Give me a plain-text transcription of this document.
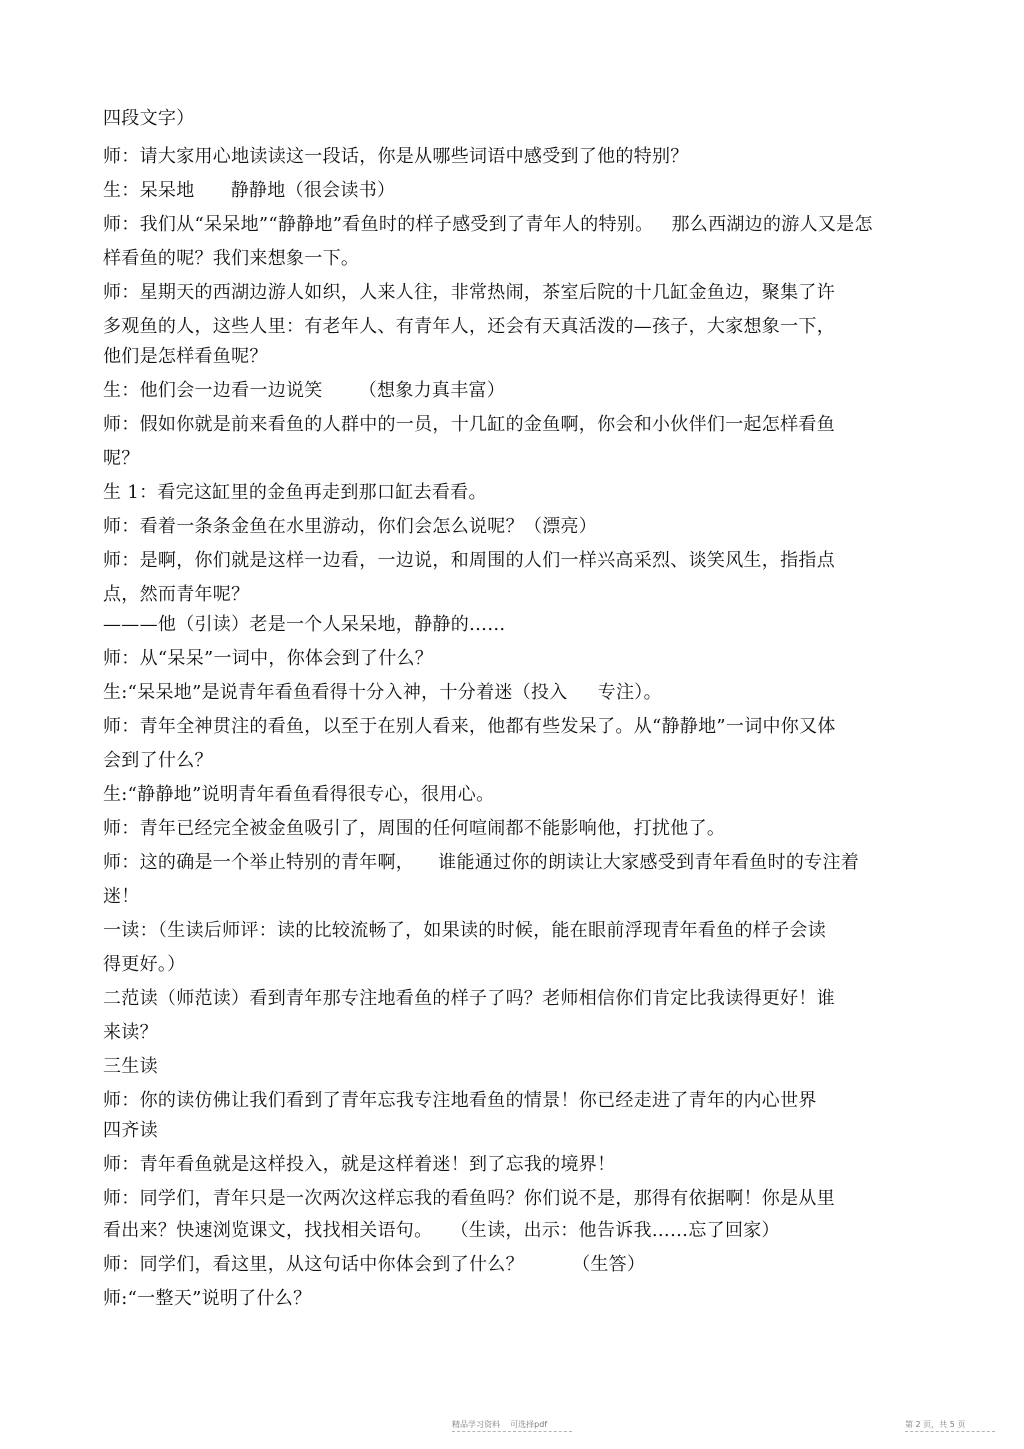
四段文字）

师：请大家用心地读读这一段话，你是从哪些词语中感受到了他的特别？

生：呆呆地      静静地（很会读书）

师：我们从“呆呆地”“静静地”看鱼时的样子感受到了青年人的特别。   那么西湖边的游人又是怎

样看鱼的呢？我们来想象一下。

师：星期天的西湖边游人如织，人来人往，非常热闹，茶室后院的十几缸金鱼边，聚集了许

多观鱼的人，这些人里：有老年人、有青年人，还会有天真活泼的—孩子，大家想象一下，

他们是怎样看鱼呢？

生：他们会一边看一边说笑      （想象力真丰富）

师：假如你就是前来看鱼的人群中的一员，十几缸的金鱼啊，你会和小伙伴们一起怎样看鱼

呢？

生 1：看完这缸里的金鱼再走到那口缸去看看。

师：看着一条条金鱼在水里游动，你们会怎么说呢？（漂亮）

师：是啊，你们就是这样一边看，一边说，和周围的人们一样兴高采烈、谈笑风生，指指点

点，然而青年呢？

———他（引读）老是一个人呆呆地，静静的……

师：从“呆呆”一词中，你体会到了什么？

生:“呆呆地”是说青年看鱼看得十分入神，十分着迷（投入     专注）。

师：青年全神贯注的看鱼，以至于在别人看来，他都有些发呆了。从“静静地”一词中你又体

会到了什么？

生:“静静地”说明青年看鱼看得很专心，很用心。

师：青年已经完全被金鱼吸引了，周围的任何喧闹都不能影响他，打扰他了。

师：这的确是一个举止特别的青年啊，    谁能通过你的朗读让大家感受到青年看鱼时的专注着

迷！

一读：（生读后师评：读的比较流畅了，如果读的时候，能在眼前浮现青年看鱼的样子会读

得更好。）

二范读（师范读）看到青年那专注地看鱼的样子了吗？老师相信你们肯定比我读得更好！谁

来读？

三生读

师：你的读仿佛让我们看到了青年忘我专注地看鱼的情景！你已经走进了青年的内心世界

四齐读

师：青年看鱼就是这样投入，就是这样着迷！到了忘我的境界！

师：同学们，青年只是一次两次这样忘我的看鱼吗？你们说不是，那得有依据啊！你是从里

看出来？快速浏览课文，找找相关语句。   （生读，出示：他告诉我……忘了回家）

师：同学们，看这里，从这句话中你体会到了什么？        （生答）

师:“一整天”说明了什么？

精品学习资料    可选择pdf	第 2 页，共 5 页
